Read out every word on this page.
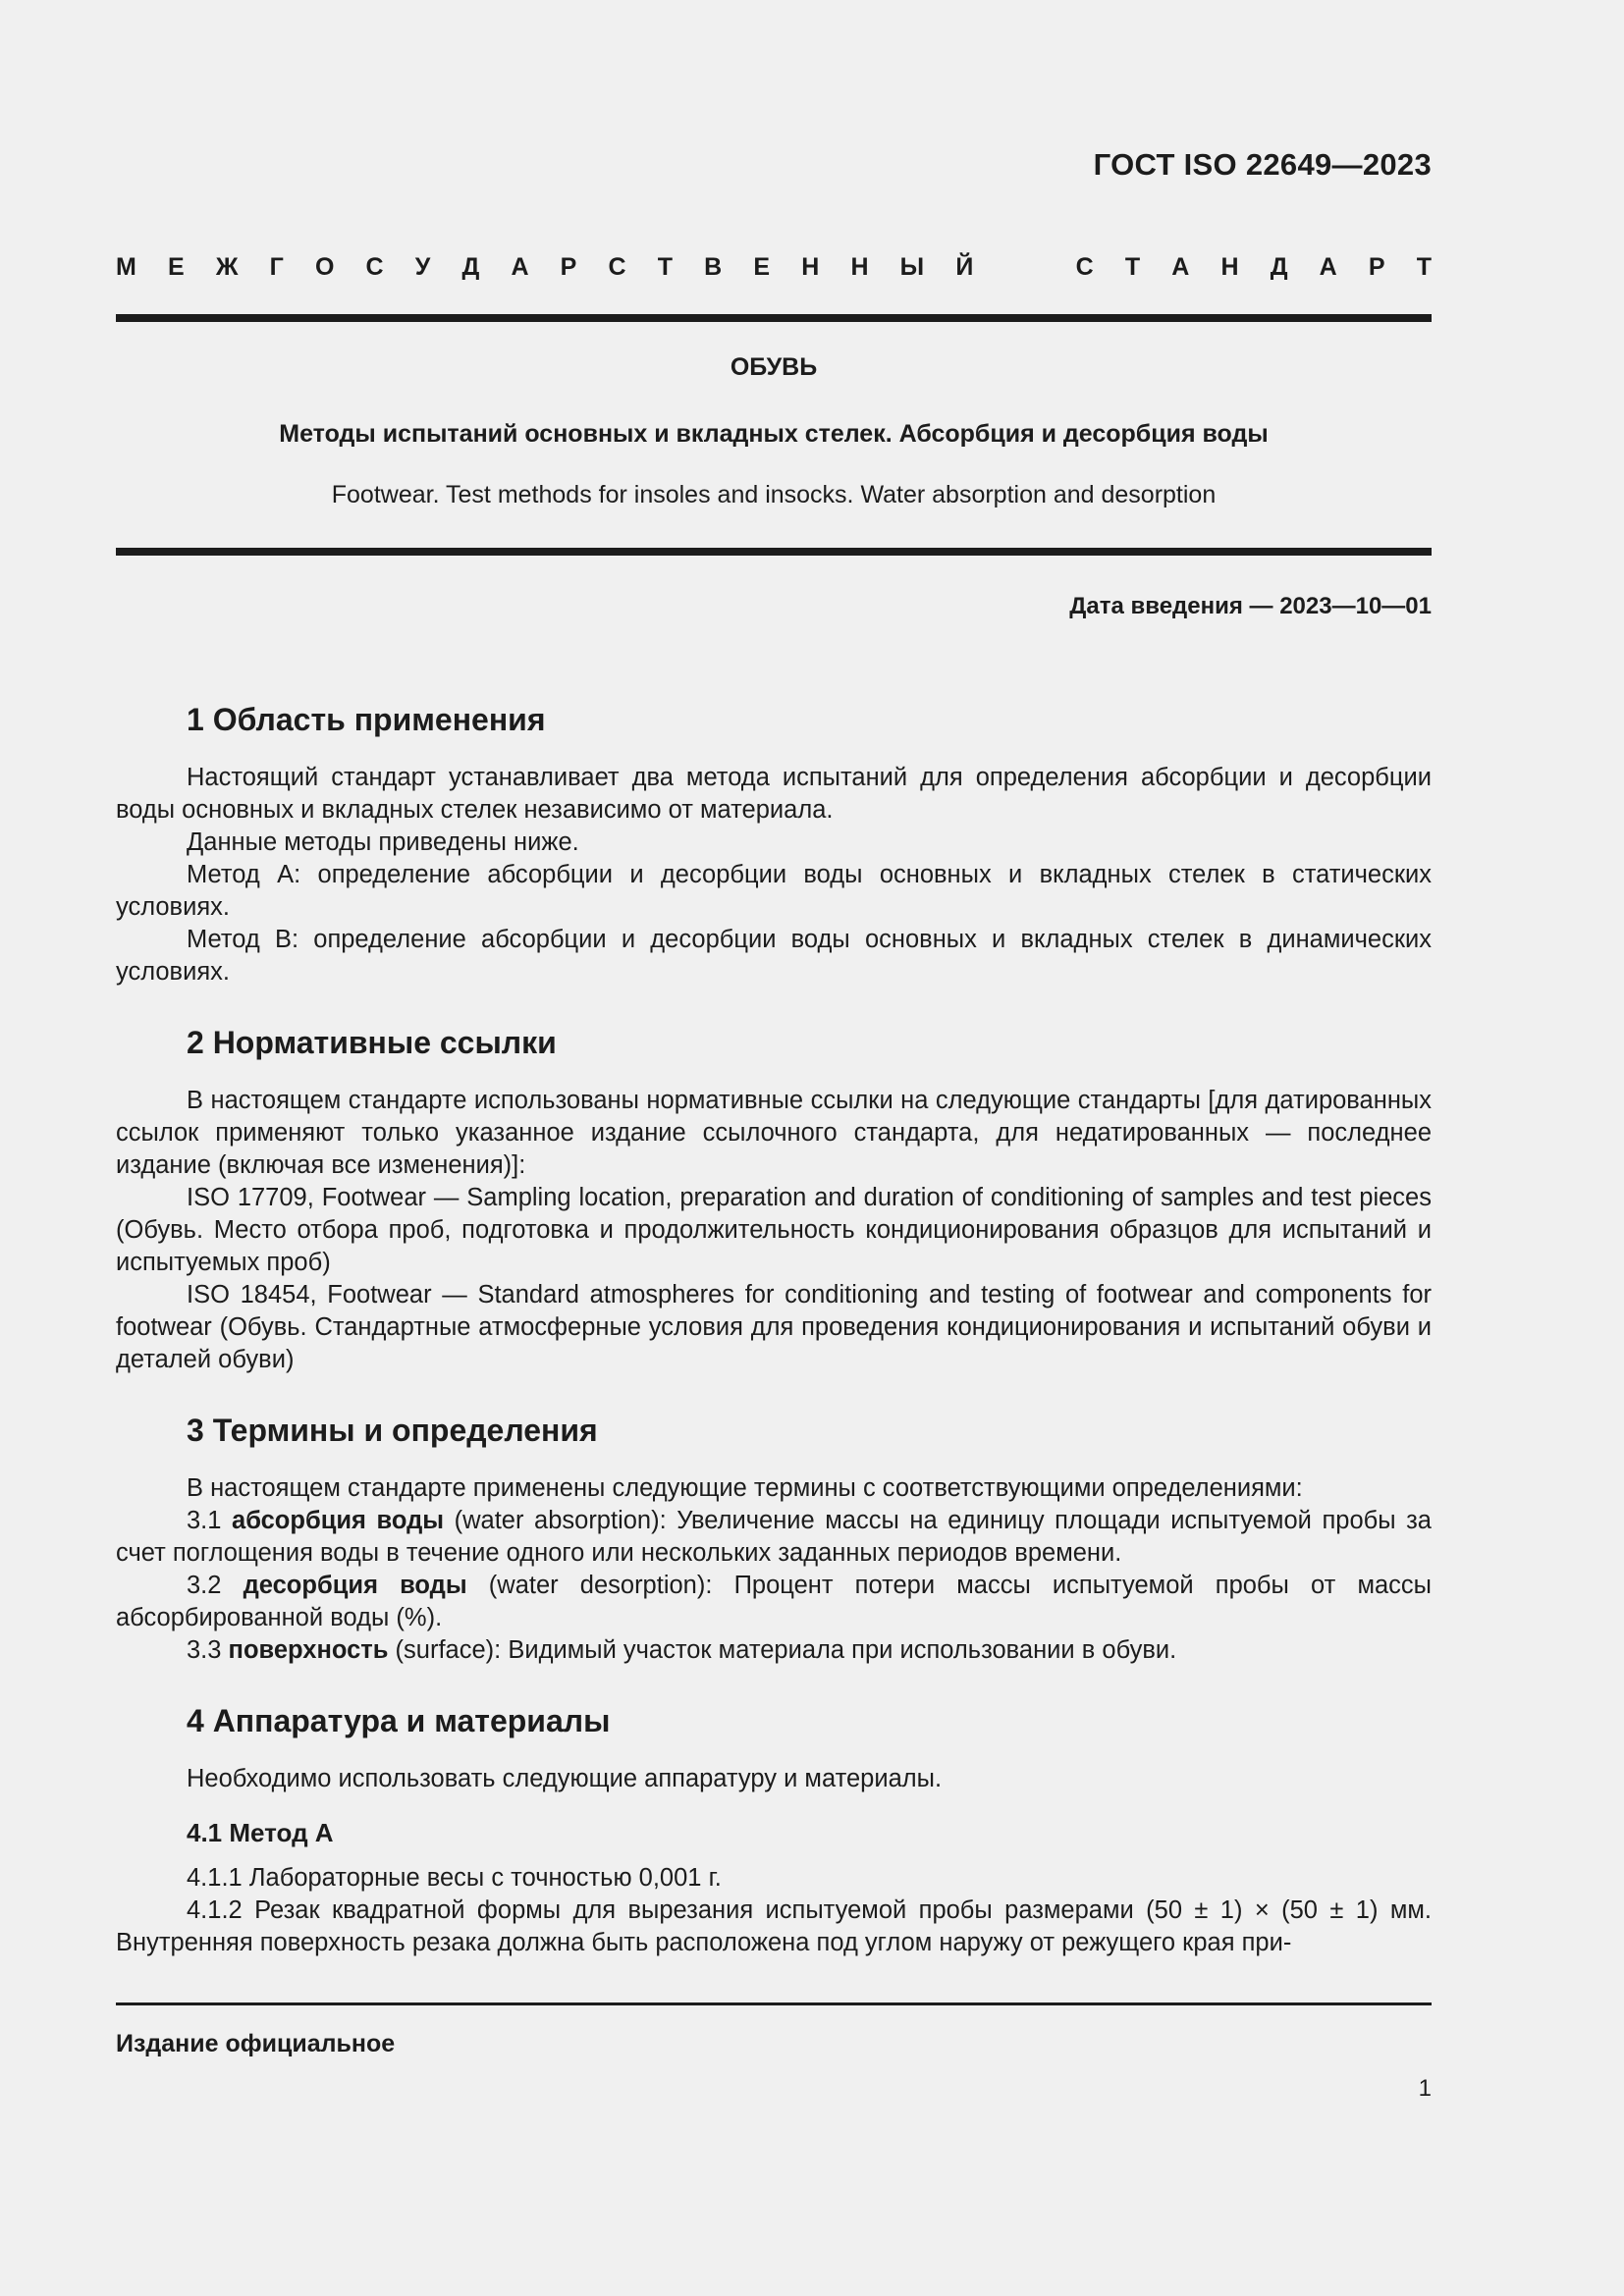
ГОСТ ISO 22649—2023
М Е Ж Г О С У Д А Р С Т В Е Н Н Ы Й	С Т А Н Д А Р Т
ОБУВЬ
Методы испытаний основных и вкладных стелек. Абсорбция и десорбция воды
Footwear. Test methods for insoles and insocks. Water absorption and desorption
Дата введения — 2023—10—01
1 Область применения

Настоящий стандарт устанавливает два метода испытаний для определения абсорбции и десорбции воды основных и вкладных стелек независимо от материала.

Данные методы приведены ниже.

Метод А: определение абсорбции и десорбции воды основных и вкладных стелек в статических условиях.

Метод В: определение абсорбции и десорбции воды основных и вкладных стелек в динамических условиях.

2 Нормативные ссылки

В настоящем стандарте использованы нормативные ссылки на следующие стандарты [для датированных ссылок применяют только указанное издание ссылочного стандарта, для недатированных — последнее издание (включая все изменения)]:

ISO 17709, Footwear — Sampling location, preparation and duration of conditioning of samples and test pieces (Обувь. Место отбора проб, подготовка и продолжительность кондиционирования образцов для испытаний и испытуемых проб)

ISO 18454, Footwear — Standard atmospheres for conditioning and testing of footwear and components for footwear (Обувь. Стандартные атмосферные условия для проведения кондиционирования и испытаний обуви и деталей обуви)

3 Термины и определения

В настоящем стандарте применены следующие термины с соответствующими определениями:

3.1 абсорбция воды (water absorption): Увеличение массы на единицу площади испытуемой пробы за счет поглощения воды в течение одного или нескольких заданных периодов времени.

3.2 десорбция воды (water desorption): Процент потери массы испытуемой пробы от массы абсорбированной воды (%).

3.3 поверхность (surface): Видимый участок материала при использовании в обуви.

4 Аппаратура и материалы

Необходимо использовать следующие аппаратуру и материалы.

4.1 Метод А

4.1.1 Лабораторные весы с точностью 0,001 г.

4.1.2 Резак квадратной формы для вырезания испытуемой пробы размерами (50 ± 1) × (50 ± 1) мм. Внутренняя поверхность резака должна быть расположена под углом наружу от режущего края при-

Издание официальное
1
